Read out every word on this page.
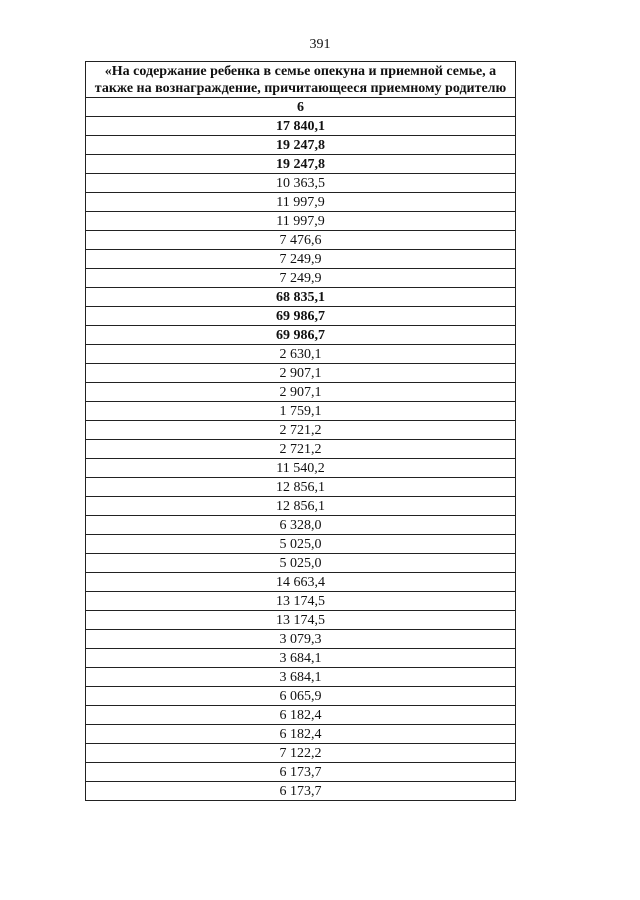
391
«На содержание ребенка в семье опекуна и приемной семье, а также на вознаграждение, причитающееся приемному родителю
6
17 840,1
19 247,8
19 247,8
10 363,5
11 997,9
11 997,9
7 476,6
7 249,9
7 249,9
68 835,1
69 986,7
69 986,7
2 630,1
2 907,1
2 907,1
1 759,1
2 721,2
2 721,2
11 540,2
12 856,1
12 856,1
6 328,0
5 025,0
5 025,0
14 663,4
13 174,5
13 174,5
3 079,3
3 684,1
3 684,1
6 065,9
6 182,4
6 182,4
7 122,2
6 173,7
6 173,7
